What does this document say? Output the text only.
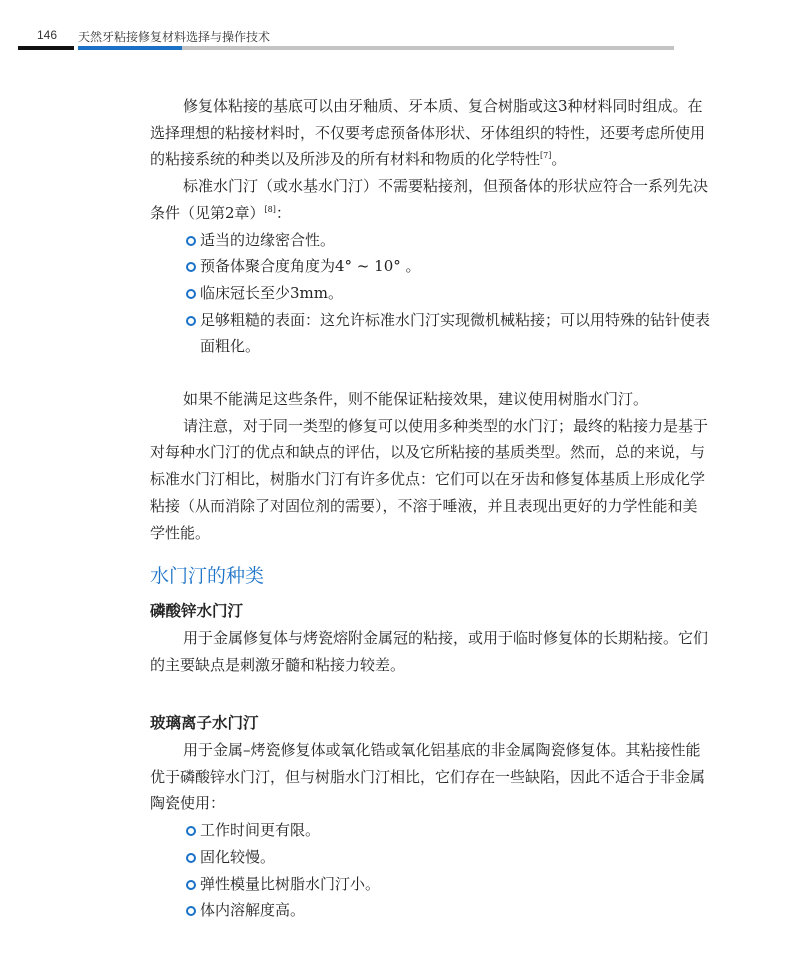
146 天然牙粘接修复材料选择与操作技术
修复体粘接的基底可以由牙釉质、牙本质、复合树脂或这3种材料同时组成。在
选择理想的粘接材料时，不仅要考虑预备体形状、牙体组织的特性，还要考虑所使用
的粘接系统的种类以及所涉及的所有材料和物质的化学特性[7]。
标准水门汀（或水基水门汀）不需要粘接剂，但预备体的形状应符合一系列先决
条件（见第2章）[8]：
适当的边缘密合性。
预备体聚合度角度为4° ~ 10° 。
临床冠长至少3mm。
足够粗糙的表面：这允许标准水门汀实现微机械粘接；可以用特殊的钻针使表
面粗化。
如果不能满足这些条件，则不能保证粘接效果，建议使用树脂水门汀。
请注意，对于同一类型的修复可以使用多种类型的水门汀；最终的粘接力是基于
对每种水门汀的优点和缺点的评估，以及它所粘接的基质类型。然而，总的来说，与
标准水门汀相比，树脂水门汀有许多优点：它们可以在牙齿和修复体基质上形成化学
粘接（从而消除了对固位剂的需要），不溶于唾液，并且表现出更好的力学性能和美
学性能。
水门汀的种类
磷酸锌水门汀
用于金属修复体与烤瓷熔附金属冠的粘接，或用于临时修复体的长期粘接。它们
的主要缺点是刺激牙髓和粘接力较差。
玻璃离子水门汀
用于金属–烤瓷修复体或氧化锆或氧化铝基底的非金属陶瓷修复体。其粘接性能
优于磷酸锌水门汀，但与树脂水门汀相比，它们存在一些缺陷，因此不适合于非金属
陶瓷使用：
工作时间更有限。
固化较慢。
弹性模量比树脂水门汀小。
体内溶解度高。
